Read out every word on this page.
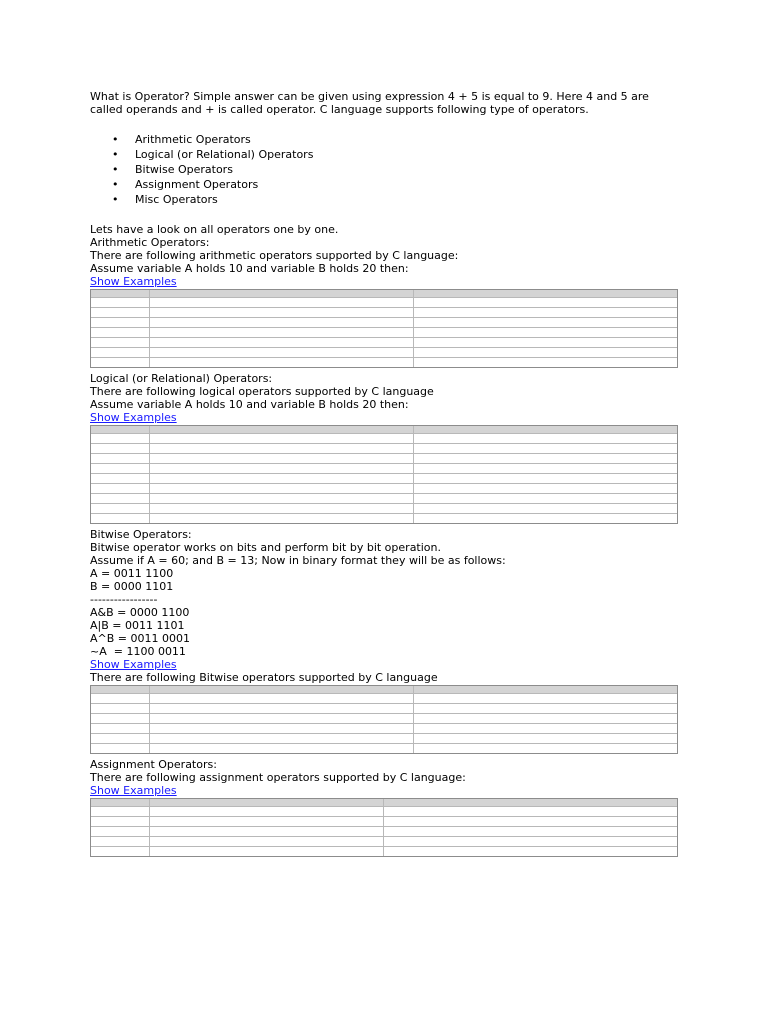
What is Operator? Simple answer can be given using expression 4 + 5 is equal to 9. Here 4 and 5 are called operands and + is called operator. C language supports following type of operators.

• Arithmetic Operators
• Logical (or Relational) Operators
• Bitwise Operators
• Assignment Operators
• Misc Operators

Lets have a look on all operators one by one.

Arithmetic Operators:

There are following arithmetic operators supported by C language:

Assume variable A holds 10 and variable B holds 20 then:

Show Examples

Logical (or Relational) Operators:

There are following logical operators supported by C language

Assume variable A holds 10 and variable B holds 20 then:

Show Examples

Bitwise Operators:

Bitwise operator works on bits and perform bit by bit operation.

Assume if A = 60; and B = 13; Now in binary format they will be as follows:

A = 0011 1100

B = 0000 1101

-----------------

A&B = 0000 1100

A|B = 0011 1101

A^B = 0011 0001

~A  = 1100 0011

Show Examples

There are following Bitwise operators supported by C language

Assignment Operators:

There are following assignment operators supported by C language:

Show Examples
